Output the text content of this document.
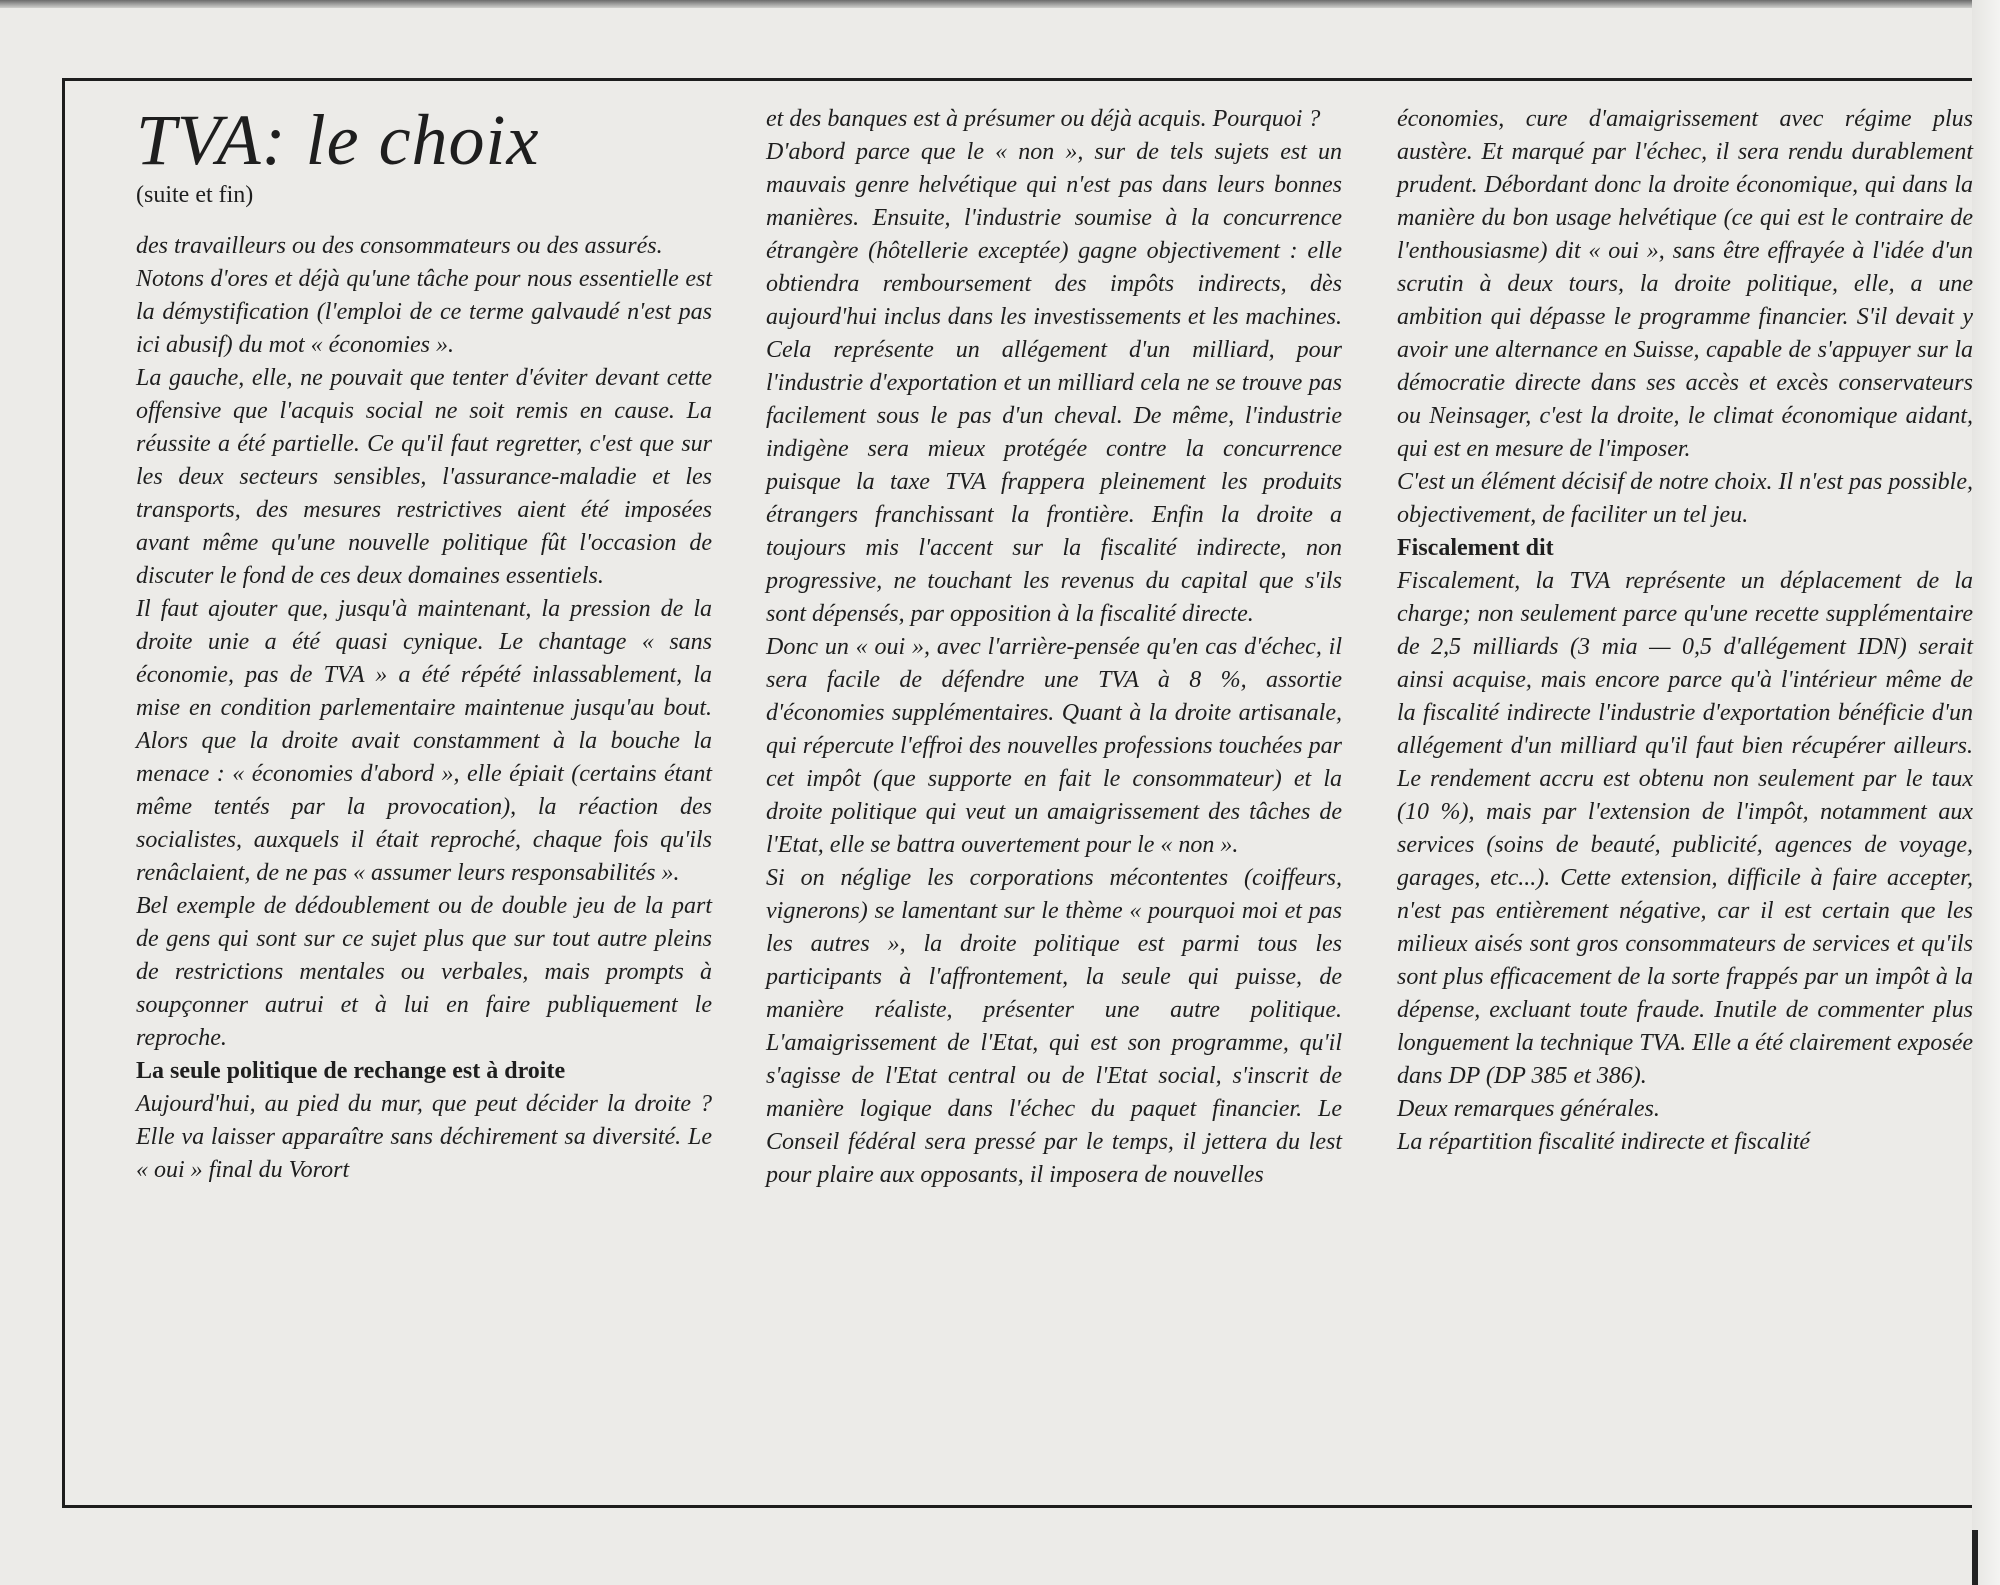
TVA: le choix
(suite et fin)

des travailleurs ou des consommateurs ou des assurés.

Notons d'ores et déjà qu'une tâche pour nous essentielle est la démystification (l'emploi de ce terme galvaudé n'est pas ici abusif) du mot « économies ».

La gauche, elle, ne pouvait que tenter d'éviter devant cette offensive que l'acquis social ne soit remis en cause. La réussite a été partielle. Ce qu'il faut regretter, c'est que sur les deux secteurs sensibles, l'assurance-maladie et les transports, des mesures restrictives aient été imposées avant même qu'une nouvelle politique fût l'occasion de discuter le fond de ces deux domaines essentiels.

Il faut ajouter que, jusqu'à maintenant, la pression de la droite unie a été quasi cynique. Le chantage « sans économie, pas de TVA » a été répété inlassablement, la mise en condition parlementaire maintenue jusqu'au bout. Alors que la droite avait constamment à la bouche la menace : « économies d'abord », elle épiait (certains étant même tentés par la provocation), la réaction des socialistes, auxquels il était reproché, chaque fois qu'ils renâclaient, de ne pas « assumer leurs responsabilités ».

Bel exemple de dédoublement ou de double jeu de la part de gens qui sont sur ce sujet plus que sur tout autre pleins de restrictions mentales ou verbales, mais prompts à soupçonner autrui et à lui en faire publiquement le reproche.

La seule politique de rechange est à droite

Aujourd'hui, au pied du mur, que peut décider la droite ? Elle va laisser apparaître sans déchirement sa diversité. Le « oui » final du Vorort

et des banques est à présumer ou déjà acquis. Pourquoi ?

D'abord parce que le « non », sur de tels sujets est un mauvais genre helvétique qui n'est pas dans leurs bonnes manières. Ensuite, l'industrie soumise à la concurrence étrangère (hôtellerie exceptée) gagne objectivement : elle obtiendra remboursement des impôts indirects, dès aujourd'hui inclus dans les investissements et les machines. Cela représente un allégement d'un milliard, pour l'industrie d'exportation et un milliard cela ne se trouve pas facilement sous le pas d'un cheval. De même, l'industrie indigène sera mieux protégée contre la concurrence puisque la taxe TVA frappera pleinement les produits étrangers franchissant la frontière. Enfin la droite a toujours mis l'accent sur la fiscalité indirecte, non progressive, ne touchant les revenus du capital que s'ils sont dépensés, par opposition à la fiscalité directe.

Donc un « oui », avec l'arrière-pensée qu'en cas d'échec, il sera facile de défendre une TVA à 8 %, assortie d'économies supplémentaires. Quant à la droite artisanale, qui répercute l'effroi des nouvelles professions touchées par cet impôt (que supporte en fait le consommateur) et la droite politique qui veut un amaigrissement des tâches de l'Etat, elle se battra ouvertement pour le « non ».

Si on néglige les corporations mécontentes (coiffeurs, vignerons) se lamentant sur le thème « pourquoi moi et pas les autres », la droite politique est parmi tous les participants à l'affrontement, la seule qui puisse, de manière réaliste, présenter une autre politique. L'amaigrissement de l'Etat, qui est son programme, qu'il s'agisse de l'Etat central ou de l'Etat social, s'inscrit de manière logique dans l'échec du paquet financier. Le Conseil fédéral sera pressé par le temps, il jettera du lest pour plaire aux opposants, il imposera de nouvelles

économies, cure d'amaigrissement avec régime plus austère. Et marqué par l'échec, il sera rendu durablement prudent. Débordant donc la droite économique, qui dans la manière du bon usage helvétique (ce qui est le contraire de l'enthousiasme) dit « oui », sans être effrayée à l'idée d'un scrutin à deux tours, la droite politique, elle, a une ambition qui dépasse le programme financier. S'il devait y avoir une alternance en Suisse, capable de s'appuyer sur la démocratie directe dans ses accès et excès conservateurs ou Neinsager, c'est la droite, le climat économique aidant, qui est en mesure de l'imposer.

C'est un élément décisif de notre choix. Il n'est pas possible, objectivement, de faciliter un tel jeu.

Fiscalement dit

Fiscalement, la TVA représente un déplacement de la charge; non seulement parce qu'une recette supplémentaire de 2,5 milliards (3 mia — 0,5 d'allégement IDN) serait ainsi acquise, mais encore parce qu'à l'intérieur même de la fiscalité indirecte l'industrie d'exportation bénéficie d'un allégement d'un milliard qu'il faut bien récupérer ailleurs. Le rendement accru est obtenu non seulement par le taux (10 %), mais par l'extension de l'impôt, notamment aux services (soins de beauté, publicité, agences de voyage, garages, etc...). Cette extension, difficile à faire accepter, n'est pas entièrement négative, car il est certain que les milieux aisés sont gros consommateurs de services et qu'ils sont plus efficacement de la sorte frappés par un impôt à la dépense, excluant toute fraude. Inutile de commenter plus longuement la technique TVA. Elle a été clairement exposée dans DP (DP 385 et 386).

Deux remarques générales.

La répartition fiscalité indirecte et fiscalité
